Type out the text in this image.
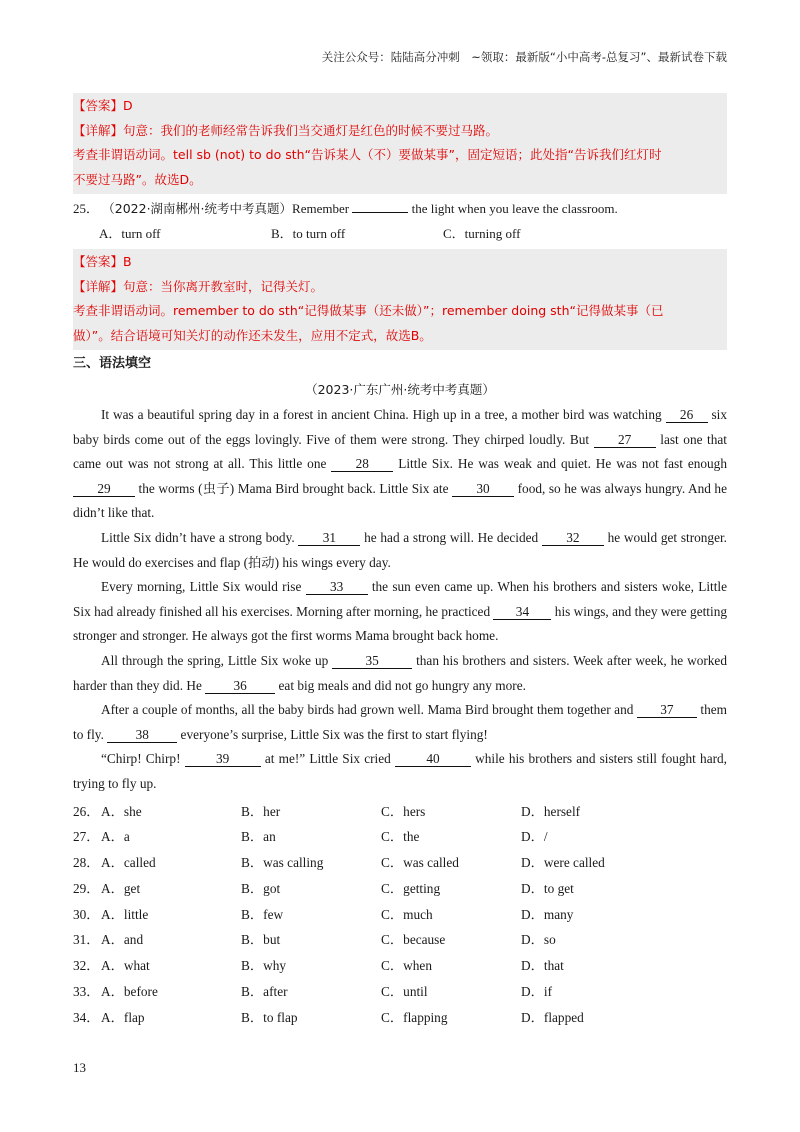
关注公众号：陆陆高分冲刺　~领取：最新版“小中高考-总复习”、最新试卷下载
【答案】D
【详解】句意：我们的老师经常告诉我们当交通灯是红色的时候不要过马路。
考查非谓语动词。tell sb (not) to do sth“告诉某人（不）要做某事”，固定短语；此处指“告诉我们红灯时
不要过马路”。故选D。
25． （2022·湖南郴州·统考中考真题）Remember	the light when you leave the classroom.
A．turn off	B．to turn off	C．turning off
【答案】B
【详解】句意：当你离开教室时，记得关灯。
考查非谓语动词。remember to do sth“记得做某事（还未做）”；remember doing sth“记得做某事（已
做）”。结合语境可知关灯的动作还未发生，应用不定式，故选B。
三、语法填空
（2023·广东广州·统考中考真题）

It was a beautiful spring day in a forest in ancient China. High up in a tree, a mother bird was watching 26 six baby birds come out of the eggs lovingly. Five of them were strong. They chirped loudly. But 27 last one that came out was not strong at all. This little one 28 Little Six. He was weak and quiet. He was not fast enough 29 the worms (虫子) Mama Bird brought back. Little Six ate 30 food, so he was always hungry. And he didn’t like that.

Little Six didn’t have a strong body. 31 he had a strong will. He decided 32 he would get stronger. He would do exercises and flap (拍动) his wings every day.

Every morning, Little Six would rise 33 the sun even came up. When his brothers and sisters woke, Little Six had already finished all his exercises. Morning after morning, he practiced 34 his wings, and they were getting stronger and stronger. He always got the first worms Mama brought back home.

All through the spring, Little Six woke up	35	than his brothers and sisters. Week after week, he worked harder than they did. He 36 eat big meals and did not go hungry any more.

After a couple of months, all the baby birds had grown well. Mama Bird brought them together and 37 them to fly. 38 everyone’s surprise, Little Six was the first to start flying!

“Chirp! Chirp! 39 at me!” Little Six cried 40 while his brothers and sisters still fought hard, trying to fly up.

26． A．she	B．her	C．hers	D．herself
27． A．a	B．an	C．the	D．/
28． A．called	B．was calling	C．was called	D．were called
29． A．get	B．got	C．getting	D．to get
30． A．little	B．few	C．much	D．many
31． A．and	B．but	C．because	D．so
32． A．what	B．why	C．when	D．that
33． A．before	B．after	C．until	D．if
34． A．flap	B．to flap	C．flapping	D．flapped
13
